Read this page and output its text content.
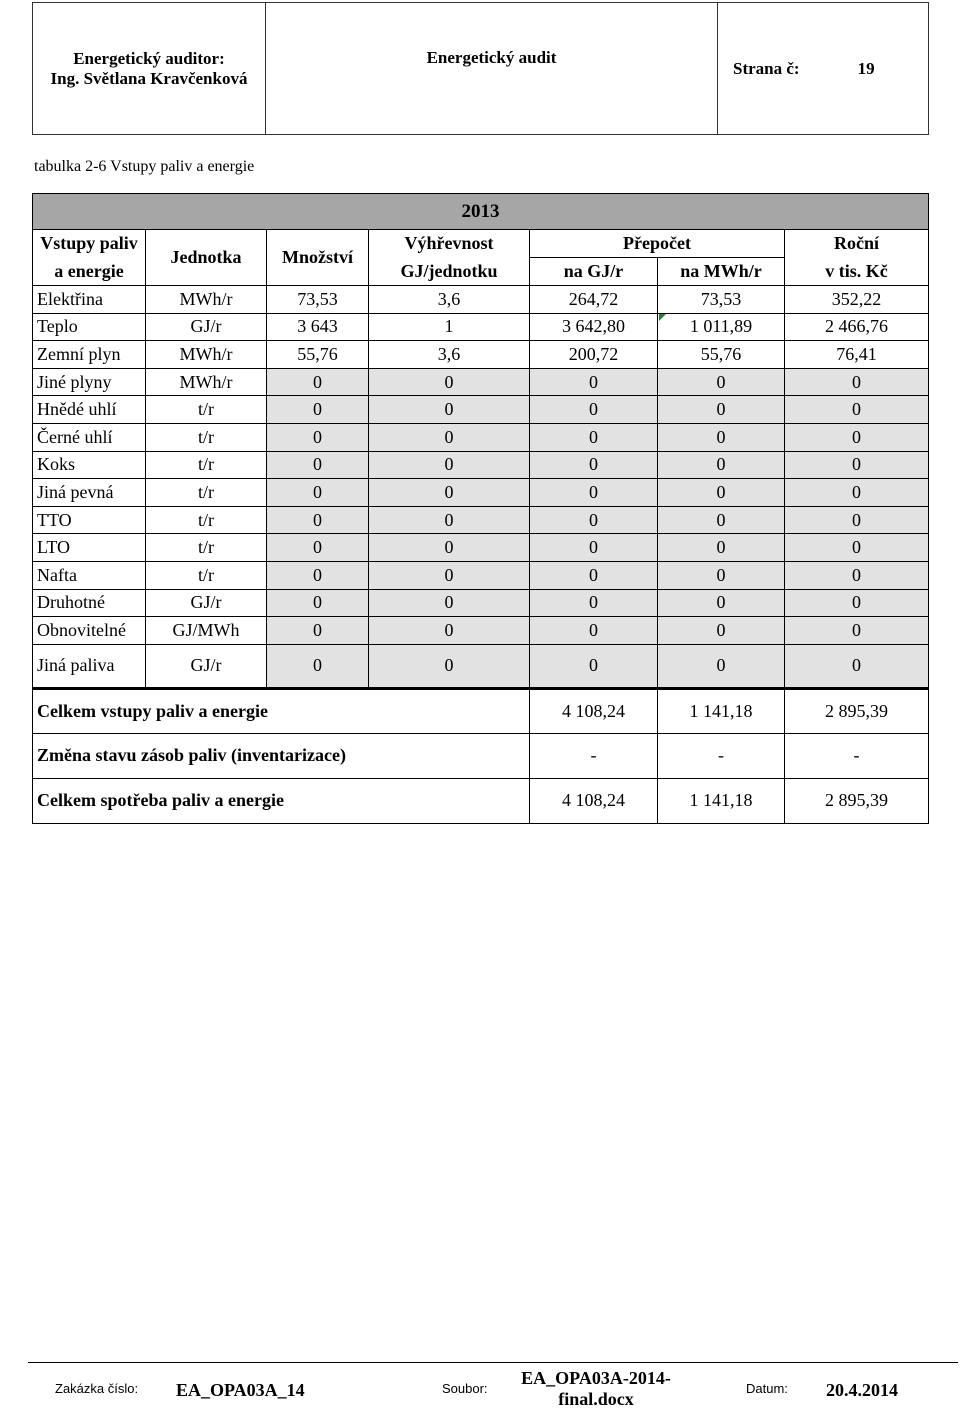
Energetický auditor:
Ing. Světlana Kravčenková
Energetický audit
Strana č:	19
tabulka 2-6 Vstupy paliv a energie
2013						
Vstupy paliv	Jednotka	Množství	Výhřevnost	Přepočet		Roční
a energie			GJ/jednotku	na GJ/r	na MWh/r	v tis. Kč
Elektřina	MWh/r	73,53	3,6	264,72	73,53	352,22
Teplo	GJ/r	3 643	1	3 642,80	1 011,89	2 466,76
Zemní plyn	MWh/r	55,76	3,6	200,72	55,76	76,41
Jiné plyny	MWh/r	0	0	0	0	0
Hnědé uhlí	t/r	0	0	0	0	0
Černé uhlí	t/r	0	0	0	0	0
Koks	t/r	0	0	0	0	0
Jiná pevná	t/r	0	0	0	0	0
TTO	t/r	0	0	0	0	0
LTO	t/r	0	0	0	0	0
Nafta	t/r	0	0	0	0	0
Druhotné	GJ/r	0	0	0	0	0
Obnovitelné	GJ/MWh	0	0	0	0	0
Jiná paliva	GJ/r	0	0	0	0	0
Celkem vstupy paliv a energie				4 108,24	1 141,18	2 895,39
Změna stavu zásob paliv (inventarizace)				-	-	-
Celkem spotřeba paliv a energie				4 108,24	1 141,18	2 895,39
Zakázka číslo: EA_OPA03A_14	Soubor:
EA_OPA03A-2014-
final.docx
Datum: 20.4.2014
